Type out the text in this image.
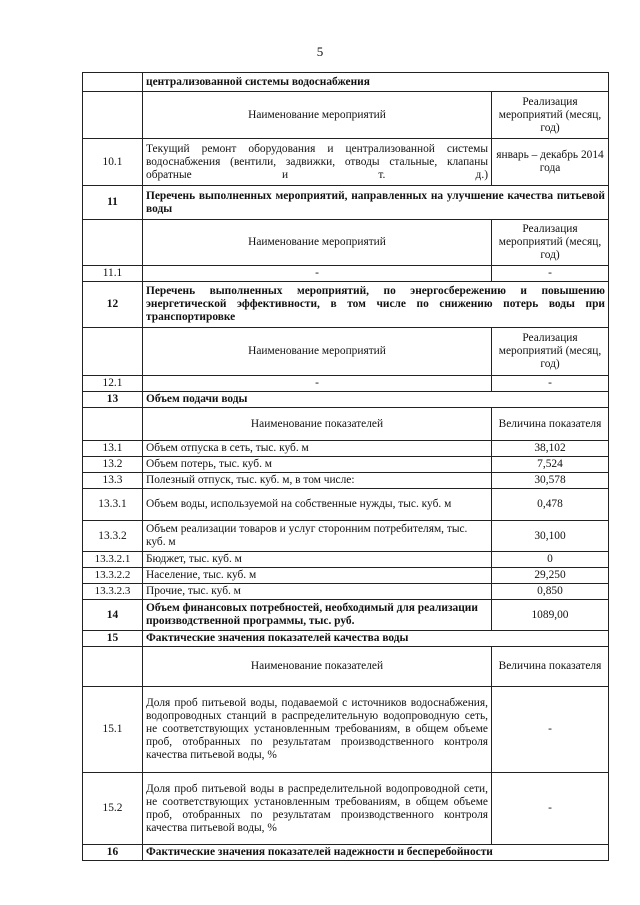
5
	централизованной системы водоснабжения	
	Наименование мероприятий	Реализация мероприятий (месяц, год)
10.1	Текущий ремонт оборудования и централизованной системы водоснабжения (вентили, задвижки, отводы стальные, клапаны обратные и т. д.)	январь – декабрь 2014 года
11	Перечень выполненных мероприятий, направленных на улучшение качества питьевой воды	
	Наименование мероприятий	Реализация мероприятий (месяц, год)
11.1	-	-
12	Перечень выполненных мероприятий, по энергосбережению и повышению энергетической эффективности, в том числе по снижению потерь воды при транспортировке	
	Наименование мероприятий	Реализация мероприятий (месяц, год)
12.1	-	-
13	Объем подачи воды	
	Наименование показателей	Величина показателя
13.1	Объем отпуска в сеть, тыс. куб. м	38,102
13.2	Объем потерь, тыс. куб. м	7,524
13.3	Полезный отпуск, тыс. куб. м, в том числе:	30,578
13.3.1	Объем воды, используемой на собственные нужды, тыс. куб. м	0,478
13.3.2	Объем реализации товаров и услуг сторонним потребителям, тыс. куб. м	30,100
13.3.2.1	Бюджет, тыс. куб. м	0
13.3.2.2	Население, тыс. куб. м	29,250
13.3.2.3	Прочие, тыс. куб. м	0,850
14	Объем финансовых потребностей, необходимый для реализации производственной программы, тыс. руб.	1089,00
15	Фактические значения показателей качества воды	
	Наименование показателей	Величина показателя
15.1	Доля проб питьевой воды, подаваемой с источников водоснабжения, водопроводных станций в распределительную водопроводную сеть, не соответствующих установленным требованиям, в общем объеме проб, отобранных по результатам производственного контроля качества питьевой воды, %	-
15.2	Доля проб питьевой воды в распределительной водопроводной сети, не соответствующих установленным требованиям, в общем объеме проб, отобранных по результатам производственного контроля качества питьевой воды, %	-
16	Фактические значения показателей надежности и бесперебойности	
